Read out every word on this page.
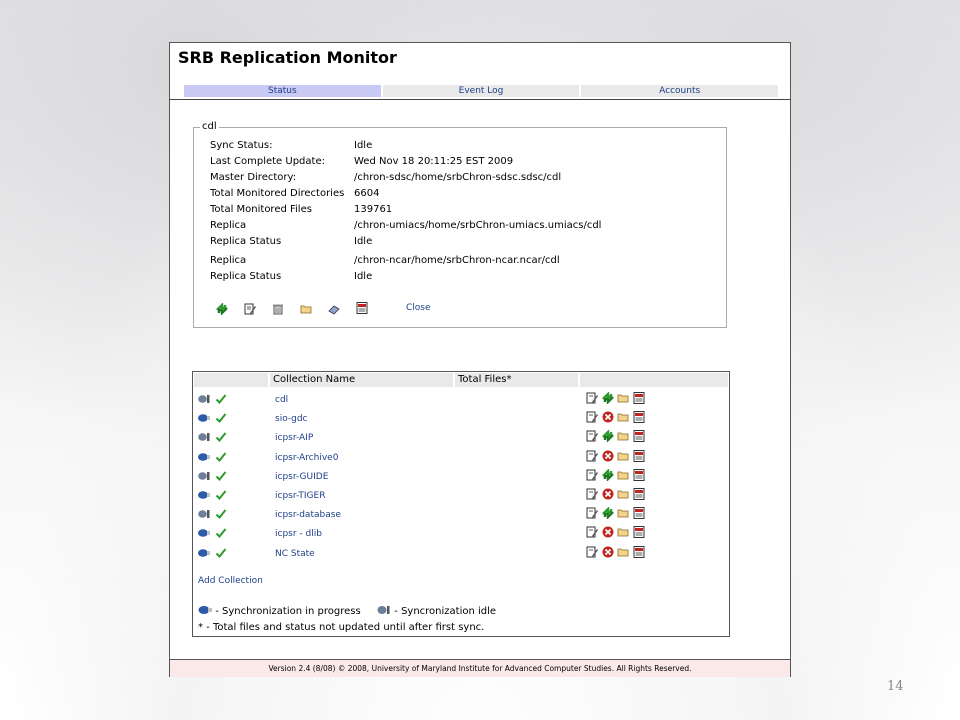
SRB Replication Monitor
Status	Event Log	Accounts
cdl
Sync Status:	Idle
Last Complete Update:	Wed Nov 18 20:11:25 EST 2009
Master Directory:	/chron-sdsc/home/srbChron-sdsc.sdsc/cdl
Total Monitored Directories 6604
Total Monitored Files	139761
Replica	/chron-umiacs/home/srbChron-umiacs.umiacs/cdl
Replica Status	Idle
Replica	/chron-ncar/home/srbChron-ncar.ncar/cdl
Replica Status	Idle
Close
Collection Name	Total Files*
cdl
sio-gdc
icpsr-AIP
icpsr-Archive0
icpsr-GUIDE
icpsr-TIGER
icpsr-database
icpsr - dlib
NC State
Add Collection
- Synchronization in progress	- Syncronization idle
* - Total files and status not updated until after first sync.
Version 2.4 (8/08) © 2008, University of Maryland Institute for Advanced Computer Studies. All Rights Reserved.
14
